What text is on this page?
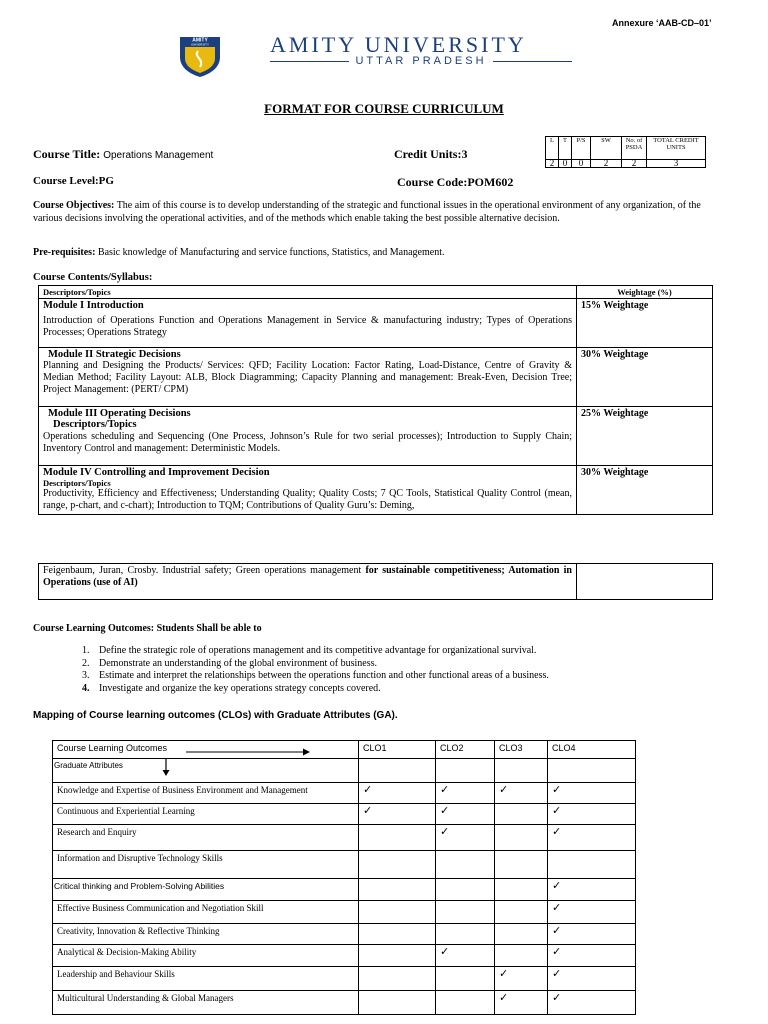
Annexure ‘AAB-CD–01’
AMITY
UNIVERSITY	AMITY UNIVERSITY
UTTAR PRADESH
FORMAT FOR COURSE CURRICULUM
Course Title: Operations Management	Credit Units:3
L	T	P/S	SW	No. of PSDA	TOTAL CREDIT UNITS
2	0	0	2	2	3
Course Level:PG	Course Code:POM602
Course Objectives: The aim of this course is to develop understanding of the strategic and functional issues in the operational environment of any organization, of the various decisions involving the operational activities, and of the methods which enable taking the best possible alternative decision.
Pre-requisites: Basic knowledge of Manufacturing and service functions, Statistics, and Management.
Course Contents/Syllabus:
Descriptors/Topics	Weightage (%)

Module I Introduction
Introduction of Operations Function and Operations Management in Service & manufacturing industry; Types of Operations Processes; Operations Strategy	15% Weightage

Module II Strategic Decisions
Planning and Designing the Products/ Services: QFD; Facility Location: Factor Rating, Load-Distance, Centre of Gravity & Median Method; Facility Layout: ALB, Block Diagramming; Capacity Planning and management: Break-Even, Decision Tree; Project Management: (PERT/ CPM)	30% Weightage

Module III Operating Decisions
Descriptors/Topics
Operations scheduling and Sequencing (One Process, Johnson’s Rule for two serial processes); Introduction to Supply Chain; Inventory Control and management: Deterministic Models.	25% Weightage

Module IV Controlling and Improvement Decision
Descriptors/Topics
Productivity, Efficiency and Effectiveness; Understanding Quality; Quality Costs; 7 QC Tools, Statistical Quality Control (mean, range, p-chart, and c-chart); Introduction to TQM; Contributions of Quality Guru’s: Deming,	30% Weightage
Feigenbaum, Juran, Crosby. Industrial safety; Green operations management for sustainable competitiveness; Automation in Operations (use of AI)	
Course Learning Outcomes: Students Shall be able to
1. Define the strategic role of operations management and its competitive advantage for organizational survival.
2. Demonstrate an understanding of the global environment of business.
3. Estimate and interpret the relationships between the operations function and other functional areas of a business.
4. Investigate and organize the key operations strategy concepts covered.
Mapping of Course learning outcomes (CLOs) with Graduate Attributes (GA).
Course Learning Outcomes	CLO1	CLO2	CLO3	CLO4
Graduate Attributes

Knowledge and Expertise of Business Environment and Management	✓	✓	✓	✓
Continuous and Experiential Learning	✓	✓		✓
Research and Enquiry		✓		✓
Information and Disruptive Technology Skills				
Critical thinking and Problem-Solving Abilities				✓
Effective Business Communication and Negotiation Skill				✓
Creativity, Innovation & Reflective Thinking				✓
Analytical & Decision-Making Ability		✓		✓
Leadership and Behaviour Skills			✓	✓
Multicultural Understanding & Global Managers			✓	✓
